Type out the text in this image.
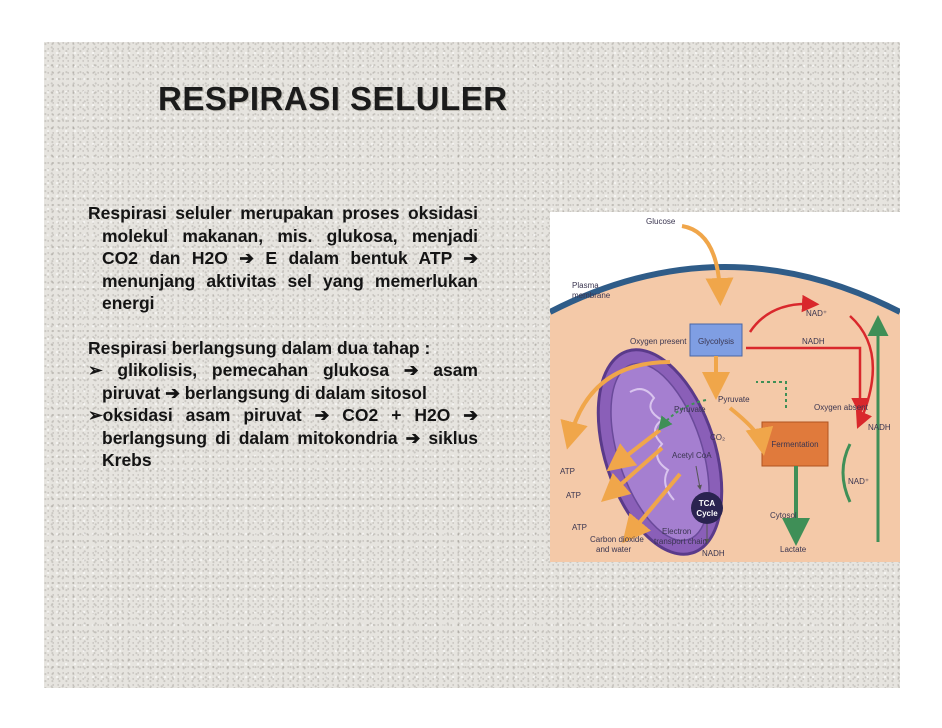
RESPIRASI SELULER

Respirasi seluler merupakan proses oksidasi molekul makanan, mis. glukosa, menjadi CO2 dan H2O ➔ E dalam bentuk ATP ➔ menunjang aktivitas sel yang memerlukan energi

Respirasi berlangsung dalam dua tahap :

➢ glikolisis, pemecahan glukosa ➔ asam piruvat ➔ berlangsung di dalam sitosol

➢oksidasi asam piruvat ➔ CO2 + H2O ➔ berlangsung di dalam mitokondria ➔ siklus Krebs

TCA
Cycle
Glycolysis
Fermentation
Glucose
Plasma
membrane
Oxygen present
NAD⁺
NADH
Pyruvate
Oxygen absent
NADH
NAD⁺
ATP
ATP
ATP
Pyruvate
Acetyl CoA
CO₂
NADH
Cytosol
Lactate
Carbon dioxide
and water
Electron
transport chain
